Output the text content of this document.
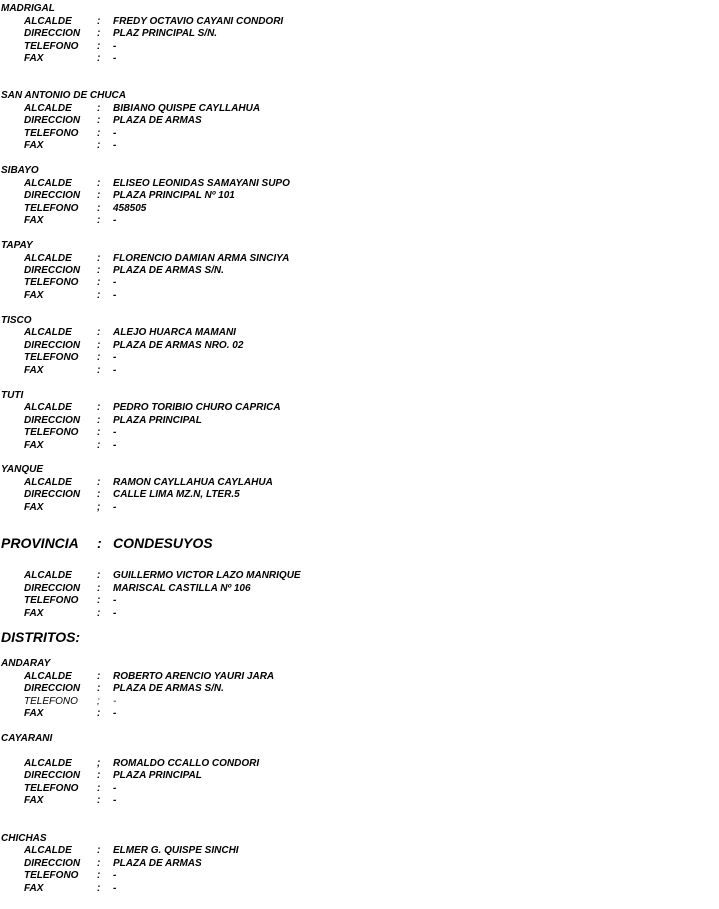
MADRIGAL
ALCALDE	: FREDY OCTAVIO CAYANI CONDORI
DIRECCION : PLAZ PRINCIPAL S/N.
TELEFONO : -
FAX	: -
SAN ANTONIO DE CHUCA
ALCALDE	: BIBIANO QUISPE CAYLLAHUA
DIRECCION : PLAZA DE ARMAS
TELEFONO : -
FAX	: -
SIBAYO
ALCALDE	: ELISEO LEONIDAS SAMAYANI SUPO
DIRECCION : PLAZA PRINCIPAL Nº 101
TELEFONO : 458505
FAX	: -
TAPAY
ALCALDE	: FLORENCIO DAMIAN ARMA SINCIYA
DIRECCION : PLAZA DE ARMAS S/N.
TELEFONO : -
FAX	: -
TISCO
ALCALDE	: ALEJO HUARCA MAMANI
DIRECCION : PLAZA DE ARMAS NRO. 02
TELEFONO : -
FAX	: -
TUTI
ALCALDE	: PEDRO TORIBIO CHURO CAPRICA
DIRECCION : PLAZA PRINCIPAL
TELEFONO : -
FAX	: -
YANQUE
ALCALDE	: RAMON CAYLLAHUA CAYLAHUA
DIRECCION : CALLE LIMA MZ.N, LTER.5
FAX	; -
PROVINCIA : CONDESUYOS
ALCALDE	: GUILLERMO VICTOR LAZO MANRIQUE
DIRECCION : MARISCAL CASTILLA Nº 106
TELEFONO : -
FAX	: -
DISTRITOS:
ANDARAY
ALCALDE	: ROBERTO ARENCIO YAURI JARA
DIRECCION : PLAZA DE ARMAS S/N.
TELEFONO ; -
FAX	: -
CAYARANI
ALCALDE	; ROMALDO CCALLO CONDORI
DIRECCION : PLAZA PRINCIPAL
TELEFONO : -
FAX	: -
CHICHAS
ALCALDE	: ELMER G. QUISPE SINCHI
DIRECCION : PLAZA DE ARMAS
TELEFONO : -
FAX	: -
